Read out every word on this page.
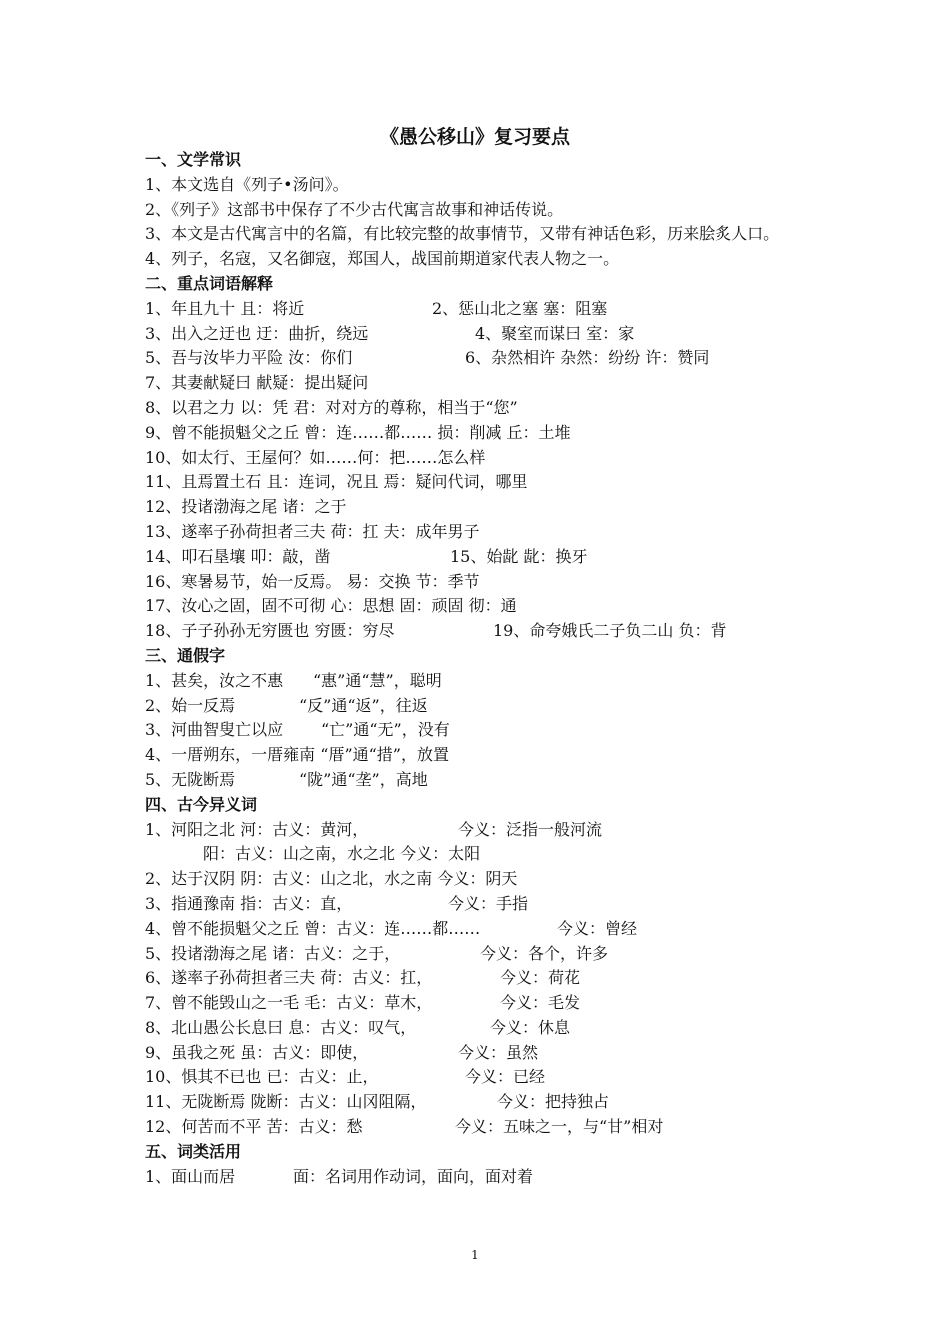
《愚公移山》复习要点
一、文学常识
1、本文选自《列子•汤问》。
2、《列子》这部书中保存了不少古代寓言故事和神话传说。
3、本文是古代寓言中的名篇，有比较完整的故事情节，又带有神话色彩，历来脍炙人口。
4、列子，名寇，又名御寇，郑国人，战国前期道家代表人物之一。
二、重点词语解释
1、年且九十 且：将近	2、惩山北之塞 塞：阻塞
3、出入之迂也 迂：曲折，绕远	4、聚室而谋曰 室：家
5、吾与汝毕力平险 汝：你们	6、杂然相许 杂然：纷纷 许：赞同
7、其妻献疑曰 献疑：提出疑问
8、以君之力 以：凭 君：对对方的尊称，相当于“您”
9、曾不能损魁父之丘 曾：连……都…… 损：削减 丘：土堆
10、如太行、王屋何？如……何：把……怎么样
11、且焉置土石 且：连词，况且 焉：疑问代词，哪里
12、投诸渤海之尾 诸：之于
13、遂率子孙荷担者三夫 荷：扛 夫：成年男子
14、叩石垦壤 叩：敲，凿	15、始龀 龀：换牙
16、寒暑易节，始一反焉。 易：交换 节：季节
17、汝心之固，固不可彻 心：思想 固：顽固 彻：通
18、子子孙孙无穷匮也 穷匮：穷尽	19、命夸娥氏二子负二山 负：背
三、通假字
1、甚矣，汝之不惠 “惠”通“慧”，聪明
2、始一反焉	“反”通“返”，往返
3、河曲智叟亡以应 “亡”通“无”，没有
4、一厝朔东，一厝雍南 “厝”通“措”，放置
5、无陇断焉	“陇”通“垄”，高地
四、古今异义词
1、河阳之北 河：古义：黄河，	今义：泛指一般河流
阳：古义：山之南，水之北 今义：太阳
2、达于汉阴 阴：古义：山之北，水之南 今义：阴天
3、指通豫南 指：古义：直，	今义：手指
4、曾不能损魁父之丘 曾：古义：连……都……	今义：曾经
5、投诸渤海之尾 诸：古义：之于，	今义：各个，许多
6、遂率子孙荷担者三夫 荷：古义：扛，	今义：荷花
7、曾不能毁山之一毛 毛：古义：草木，	今义：毛发
8、北山愚公长息曰 息：古义：叹气，	今义：休息
9、虽我之死 虽：古义：即使，	今义：虽然
10、惧其不已也 已：古义：止，	今义：已经
11、无陇断焉 陇断：古义：山冈阻隔，	今义：把持独占
12、何苦而不平 苦：古义：愁	今义：五味之一，与“甘”相对
五、词类活用
1、面山而居	面：名词用作动词，面向，面对着
1
